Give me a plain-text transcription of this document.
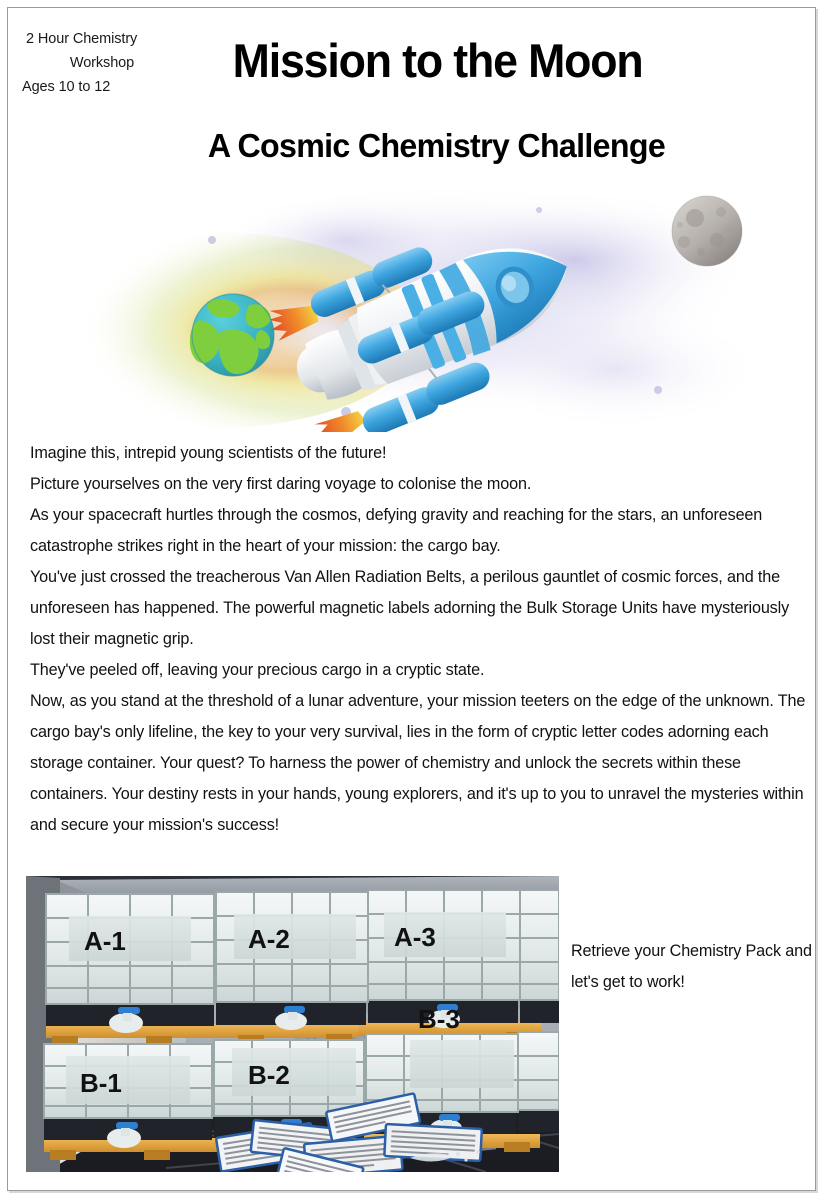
2 Hour Chemistry
Workshop
Ages 10 to 12	Mission to the Moon
A Cosmic Chemistry Challenge

Imagine this, intrepid young scientists of the future!

Picture yourselves on the very first daring voyage to colonise the moon.

As your spacecraft hurtles through the cosmos, defying gravity and reaching for the stars, an unforeseen catastrophe strikes right in the heart of your mission: the cargo bay.

You've just crossed the treacherous Van Allen Radiation Belts, a perilous gauntlet of cosmic forces, and the unforeseen has happened. The powerful magnetic labels adorning the Bulk Storage Units have mysteriously lost their magnetic grip.

They've peeled off, leaving your precious cargo in a cryptic state.

Now, as you stand at the threshold of a lunar adventure, your mission teeters on the edge of the unknown. The cargo bay's only lifeline, the key to your very survival, lies in the form of cryptic letter codes adorning each storage container. Your quest? To harness the power of chemistry and unlock the secrets within these containers. Your destiny rests in your hands, young explorers, and it's up to you to unravel the mysteries within and secure your mission's success!

A-1	A-2	A-3
B-1	B-2
B-3
Retrieve your Chemistry Pack and let's get to work!
